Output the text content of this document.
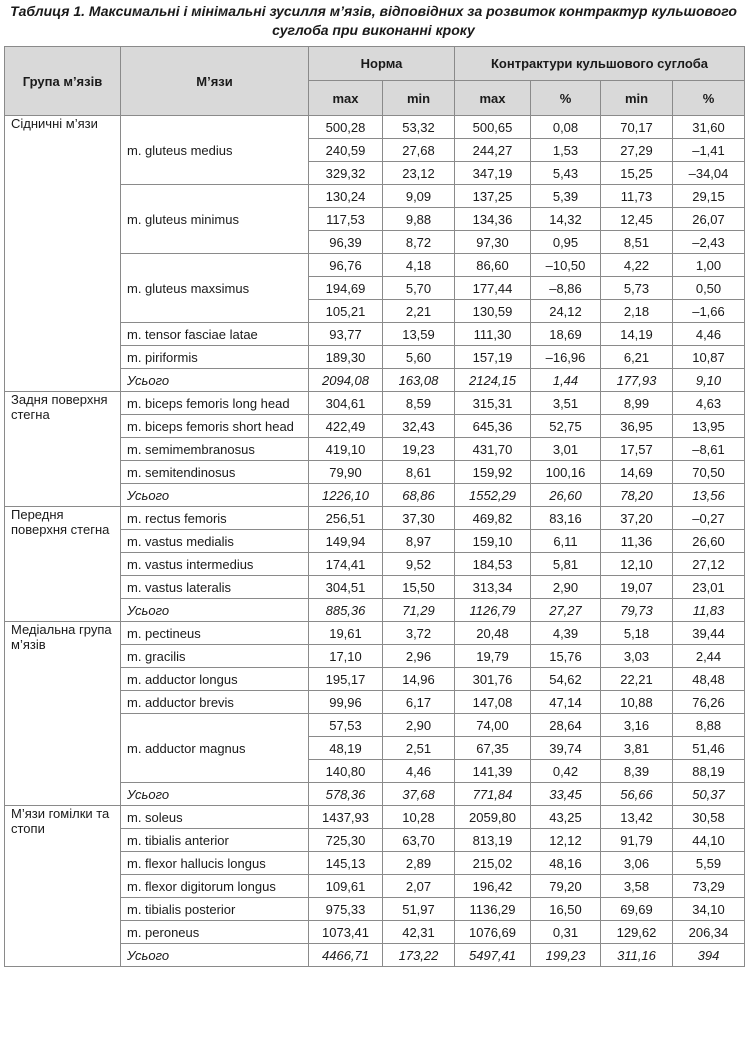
Таблиця 1. Максимальні і мінімальні зусилля м’язів, відповідних за розвиток контрактур кульшового суглоба при виконанні кроку
Група м’язів	М’язи	Норма		Контрактури кульшового суглоба			
		max	min	max	%	min	%

Сідничні м’язи	m. gluteus medius	500,28	53,32	500,65	0,08	70,17	31,60
		240,59	27,68	244,27	1,53	27,29	–1,41
		329,32	23,12	347,19	5,43	15,25	–34,04
	m. gluteus minimus	130,24	9,09	137,25	5,39	11,73	29,15
		117,53	9,88	134,36	14,32	12,45	26,07
		96,39	8,72	97,30	0,95	8,51	–2,43
	m. gluteus maxsimus	96,76	4,18	86,60	–10,50	4,22	1,00
		194,69	5,70	177,44	–8,86	5,73	0,50
		105,21	2,21	130,59	24,12	2,18	–1,66
	m. tensor fasciae latae	93,77	13,59	111,30	18,69	14,19	4,46
	m. piriformis	189,30	5,60	157,19	–16,96	6,21	10,87
	Усього	2094,08	163,08	2124,15	1,44	177,93	9,10

Задня поверхня стегна	m. biceps femoris long head	304,61	8,59	315,31	3,51	8,99	4,63
	m. biceps femoris short head	422,49	32,43	645,36	52,75	36,95	13,95
	m. semimembranosus	419,10	19,23	431,70	3,01	17,57	–8,61
	m. semitendinosus	79,90	8,61	159,92	100,16	14,69	70,50
	Усього	1226,10	68,86	1552,29	26,60	78,20	13,56

Передня поверхня стегна	m. rectus femoris	256,51	37,30	469,82	83,16	37,20	–0,27
	m. vastus medialis	149,94	8,97	159,10	6,11	11,36	26,60
	m. vastus intermedius	174,41	9,52	184,53	5,81	12,10	27,12
	m. vastus lateralis	304,51	15,50	313,34	2,90	19,07	23,01
	Усього	885,36	71,29	1126,79	27,27	79,73	11,83

Медіальна група м’язів	m. pectineus	19,61	3,72	20,48	4,39	5,18	39,44
	m. gracilis	17,10	2,96	19,79	15,76	3,03	2,44
	m. adductor longus	195,17	14,96	301,76	54,62	22,21	48,48
	m. adductor brevis	99,96	6,17	147,08	47,14	10,88	76,26
	m. adductor magnus	57,53	2,90	74,00	28,64	3,16	8,88
		48,19	2,51	67,35	39,74	3,81	51,46
		140,80	4,46	141,39	0,42	8,39	88,19
	Усього	578,36	37,68	771,84	33,45	56,66	50,37

М’язи гомілки та стопи	m. soleus	1437,93	10,28	2059,80	43,25	13,42	30,58
	m. tibialis anterior	725,30	63,70	813,19	12,12	91,79	44,10
	m. flexor hallucis longus	145,13	2,89	215,02	48,16	3,06	5,59
	m. flexor digitorum longus	109,61	2,07	196,42	79,20	3,58	73,29
	m. tibialis posterior	975,33	51,97	1136,29	16,50	69,69	34,10
	m. peroneus	1073,41	42,31	1076,69	0,31	129,62	206,34
	Усього	4466,71	173,22	5497,41	199,23	311,16	394
